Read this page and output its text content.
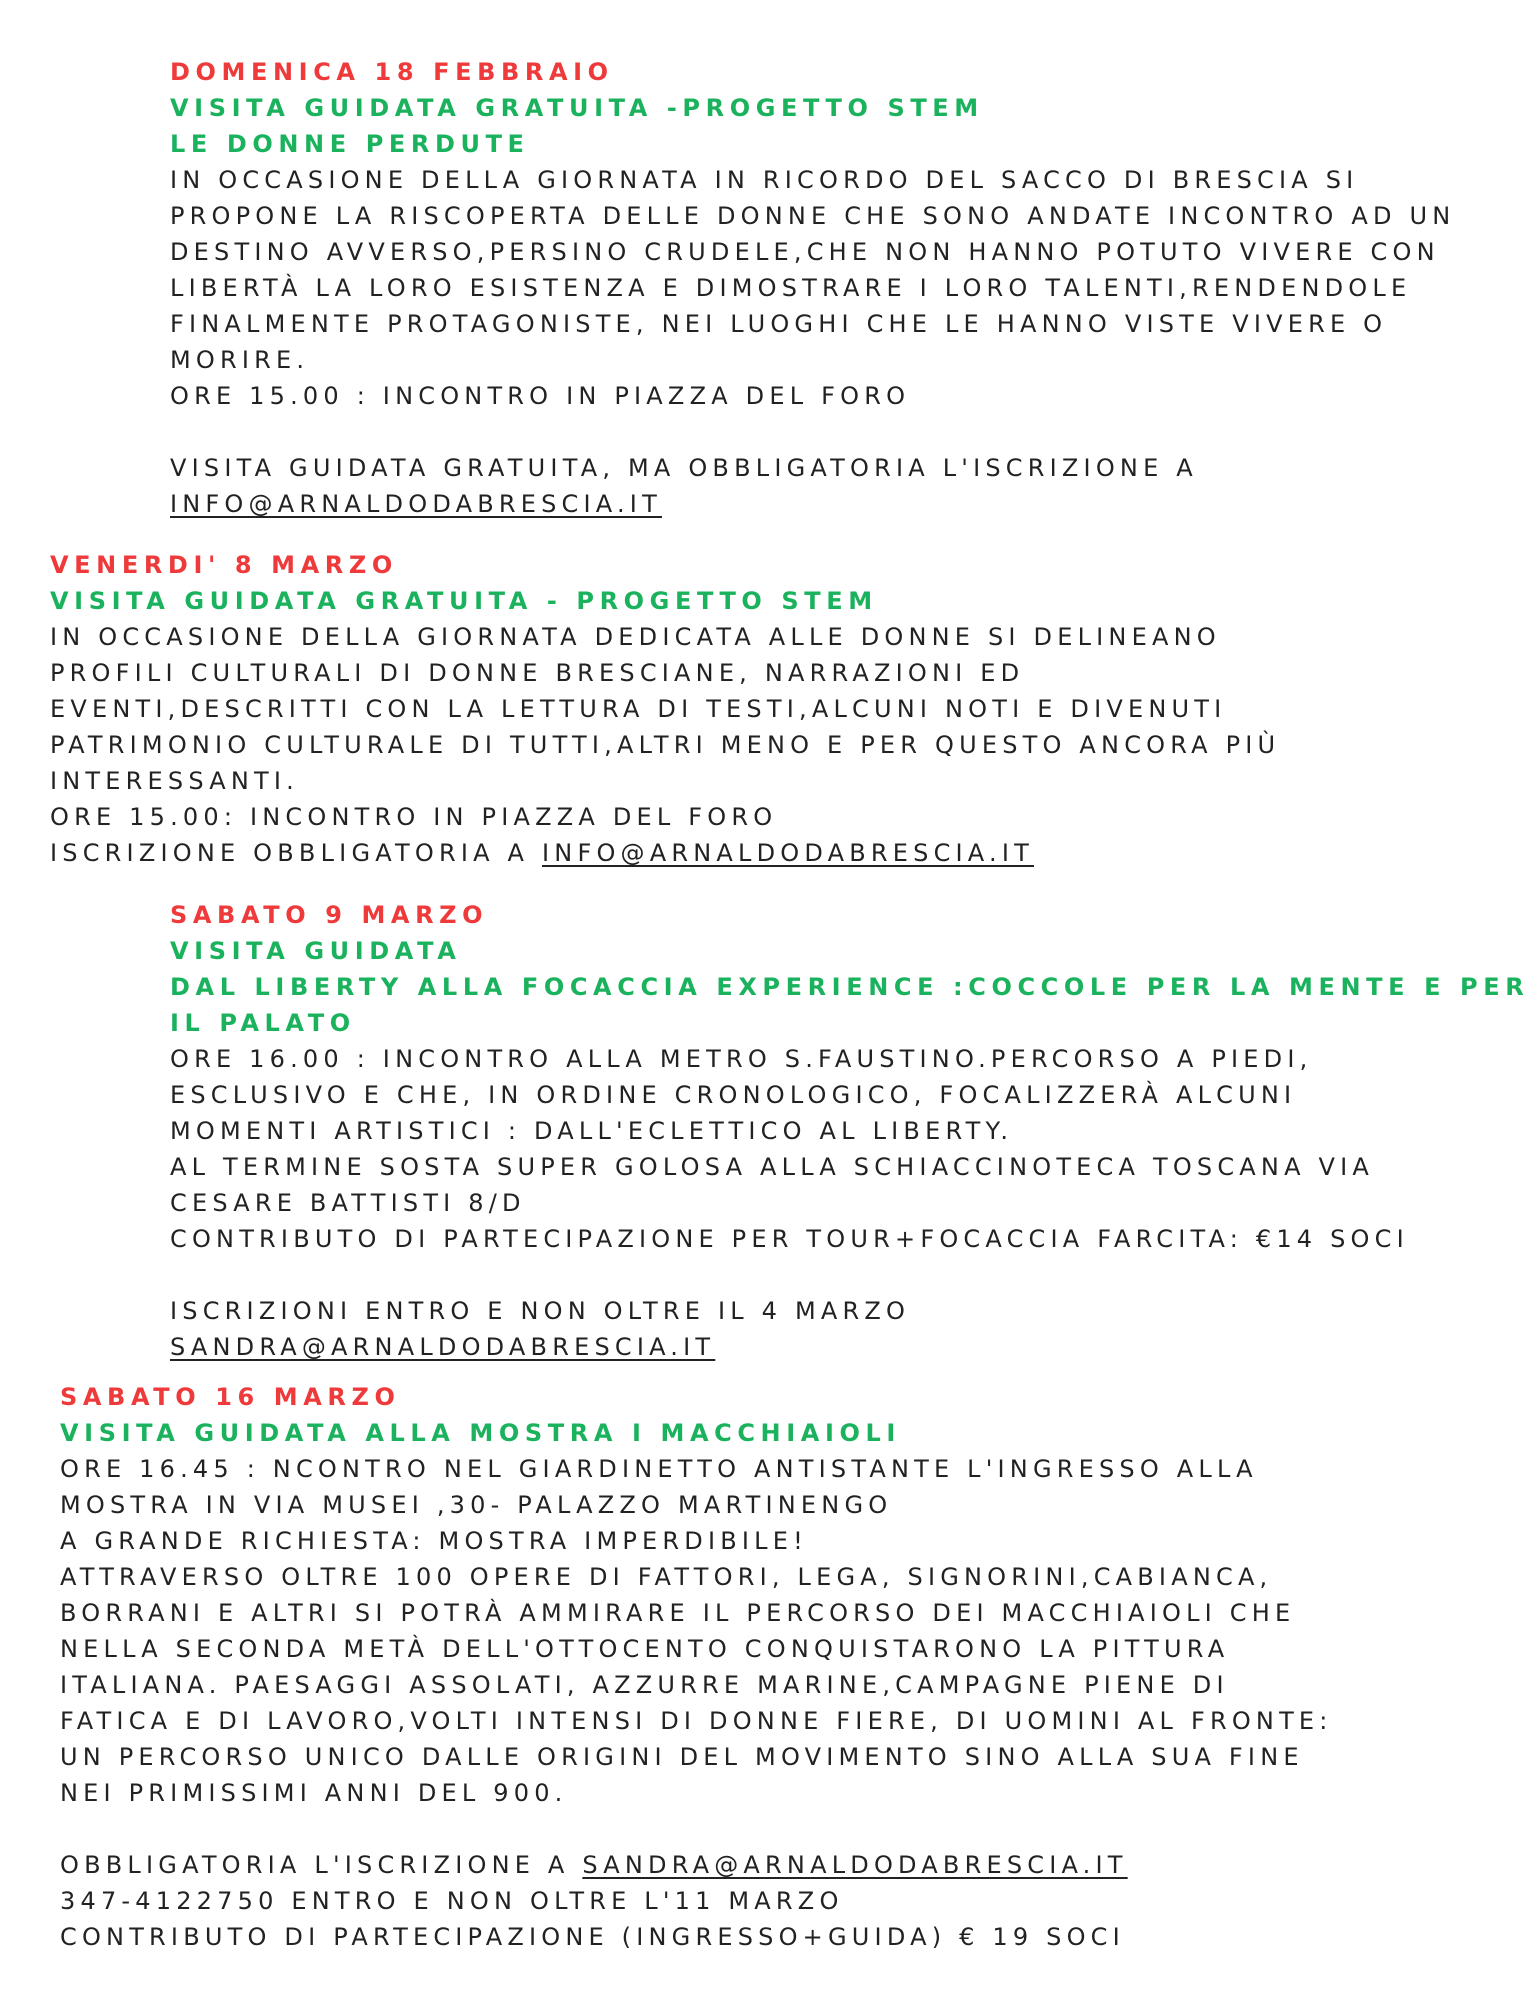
DOMENICA 18 FEBBRAIO
VISITA GUIDATA GRATUITA -PROGETTO STEM
LE DONNE PERDUTE
IN OCCASIONE DELLA GIORNATA IN RICORDO DEL SACCO DI BRESCIA SI
PROPONE LA RISCOPERTA DELLE DONNE CHE SONO ANDATE INCONTRO AD UN
DESTINO AVVERSO,PERSINO CRUDELE,CHE NON HANNO POTUTO VIVERE CON
LIBERTÀ LA LORO ESISTENZA E DIMOSTRARE I LORO TALENTI,RENDENDOLE
FINALMENTE PROTAGONISTE, NEI LUOGHI CHE LE HANNO VISTE VIVERE O
MORIRE.
ORE 15.00 : INCONTRO IN PIAZZA DEL FORO
VISITA GUIDATA GRATUITA, MA OBBLIGATORIA L'ISCRIZIONE A
INFO@ARNALDODABRESCIA.IT
VENERDI' 8 MARZO
VISITA GUIDATA GRATUITA - PROGETTO STEM
IN OCCASIONE DELLA GIORNATA DEDICATA ALLE DONNE SI DELINEANO
PROFILI CULTURALI DI DONNE BRESCIANE, NARRAZIONI ED
EVENTI,DESCRITTI CON LA LETTURA DI TESTI,ALCUNI NOTI E DIVENUTI
PATRIMONIO CULTURALE DI TUTTI,ALTRI MENO E PER QUESTO ANCORA PIÙ
INTERESSANTI.
ORE 15.00: INCONTRO IN PIAZZA DEL FORO
ISCRIZIONE OBBLIGATORIA A INFO@ARNALDODABRESCIA.IT
SABATO 9 MARZO
VISITA GUIDATA
DAL LIBERTY ALLA FOCACCIA EXPERIENCE :COCCOLE PER LA MENTE E PER
IL PALATO
ORE 16.00 : INCONTRO ALLA METRO S.FAUSTINO.PERCORSO A PIEDI,
ESCLUSIVO E CHE, IN ORDINE CRONOLOGICO, FOCALIZZERÀ ALCUNI
MOMENTI ARTISTICI : DALL'ECLETTICO AL LIBERTY.
AL TERMINE SOSTA SUPER GOLOSA ALLA SCHIACCINOTECA TOSCANA VIA
CESARE BATTISTI 8/D
CONTRIBUTO DI PARTECIPAZIONE PER TOUR+FOCACCIA FARCITA: €14 SOCI
ISCRIZIONI ENTRO E NON OLTRE IL 4 MARZO
SANDRA@ARNALDODABRESCIA.IT
SABATO 16 MARZO
VISITA GUIDATA ALLA MOSTRA I MACCHIAIOLI
ORE 16.45 : NCONTRO NEL GIARDINETTO ANTISTANTE L'INGRESSO ALLA
MOSTRA IN VIA MUSEI ,30- PALAZZO MARTINENGO
A GRANDE RICHIESTA: MOSTRA IMPERDIBILE!
ATTRAVERSO OLTRE 100 OPERE DI FATTORI, LEGA, SIGNORINI,CABIANCA,
BORRANI E ALTRI SI POTRÀ AMMIRARE IL PERCORSO DEI MACCHIAIOLI CHE
NELLA SECONDA METÀ DELL'OTTOCENTO CONQUISTARONO LA PITTURA
ITALIANA. PAESAGGI ASSOLATI, AZZURRE MARINE,CAMPAGNE PIENE DI
FATICA E DI LAVORO,VOLTI INTENSI DI DONNE FIERE, DI UOMINI AL FRONTE:
UN PERCORSO UNICO DALLE ORIGINI DEL MOVIMENTO SINO ALLA SUA FINE
NEI PRIMISSIMI ANNI DEL 900.
OBBLIGATORIA L'ISCRIZIONE A SANDRA@ARNALDODABRESCIA.IT
347-4122750 ENTRO E NON OLTRE L'11 MARZO
CONTRIBUTO DI PARTECIPAZIONE (INGRESSO+GUIDA) € 19 SOCI
